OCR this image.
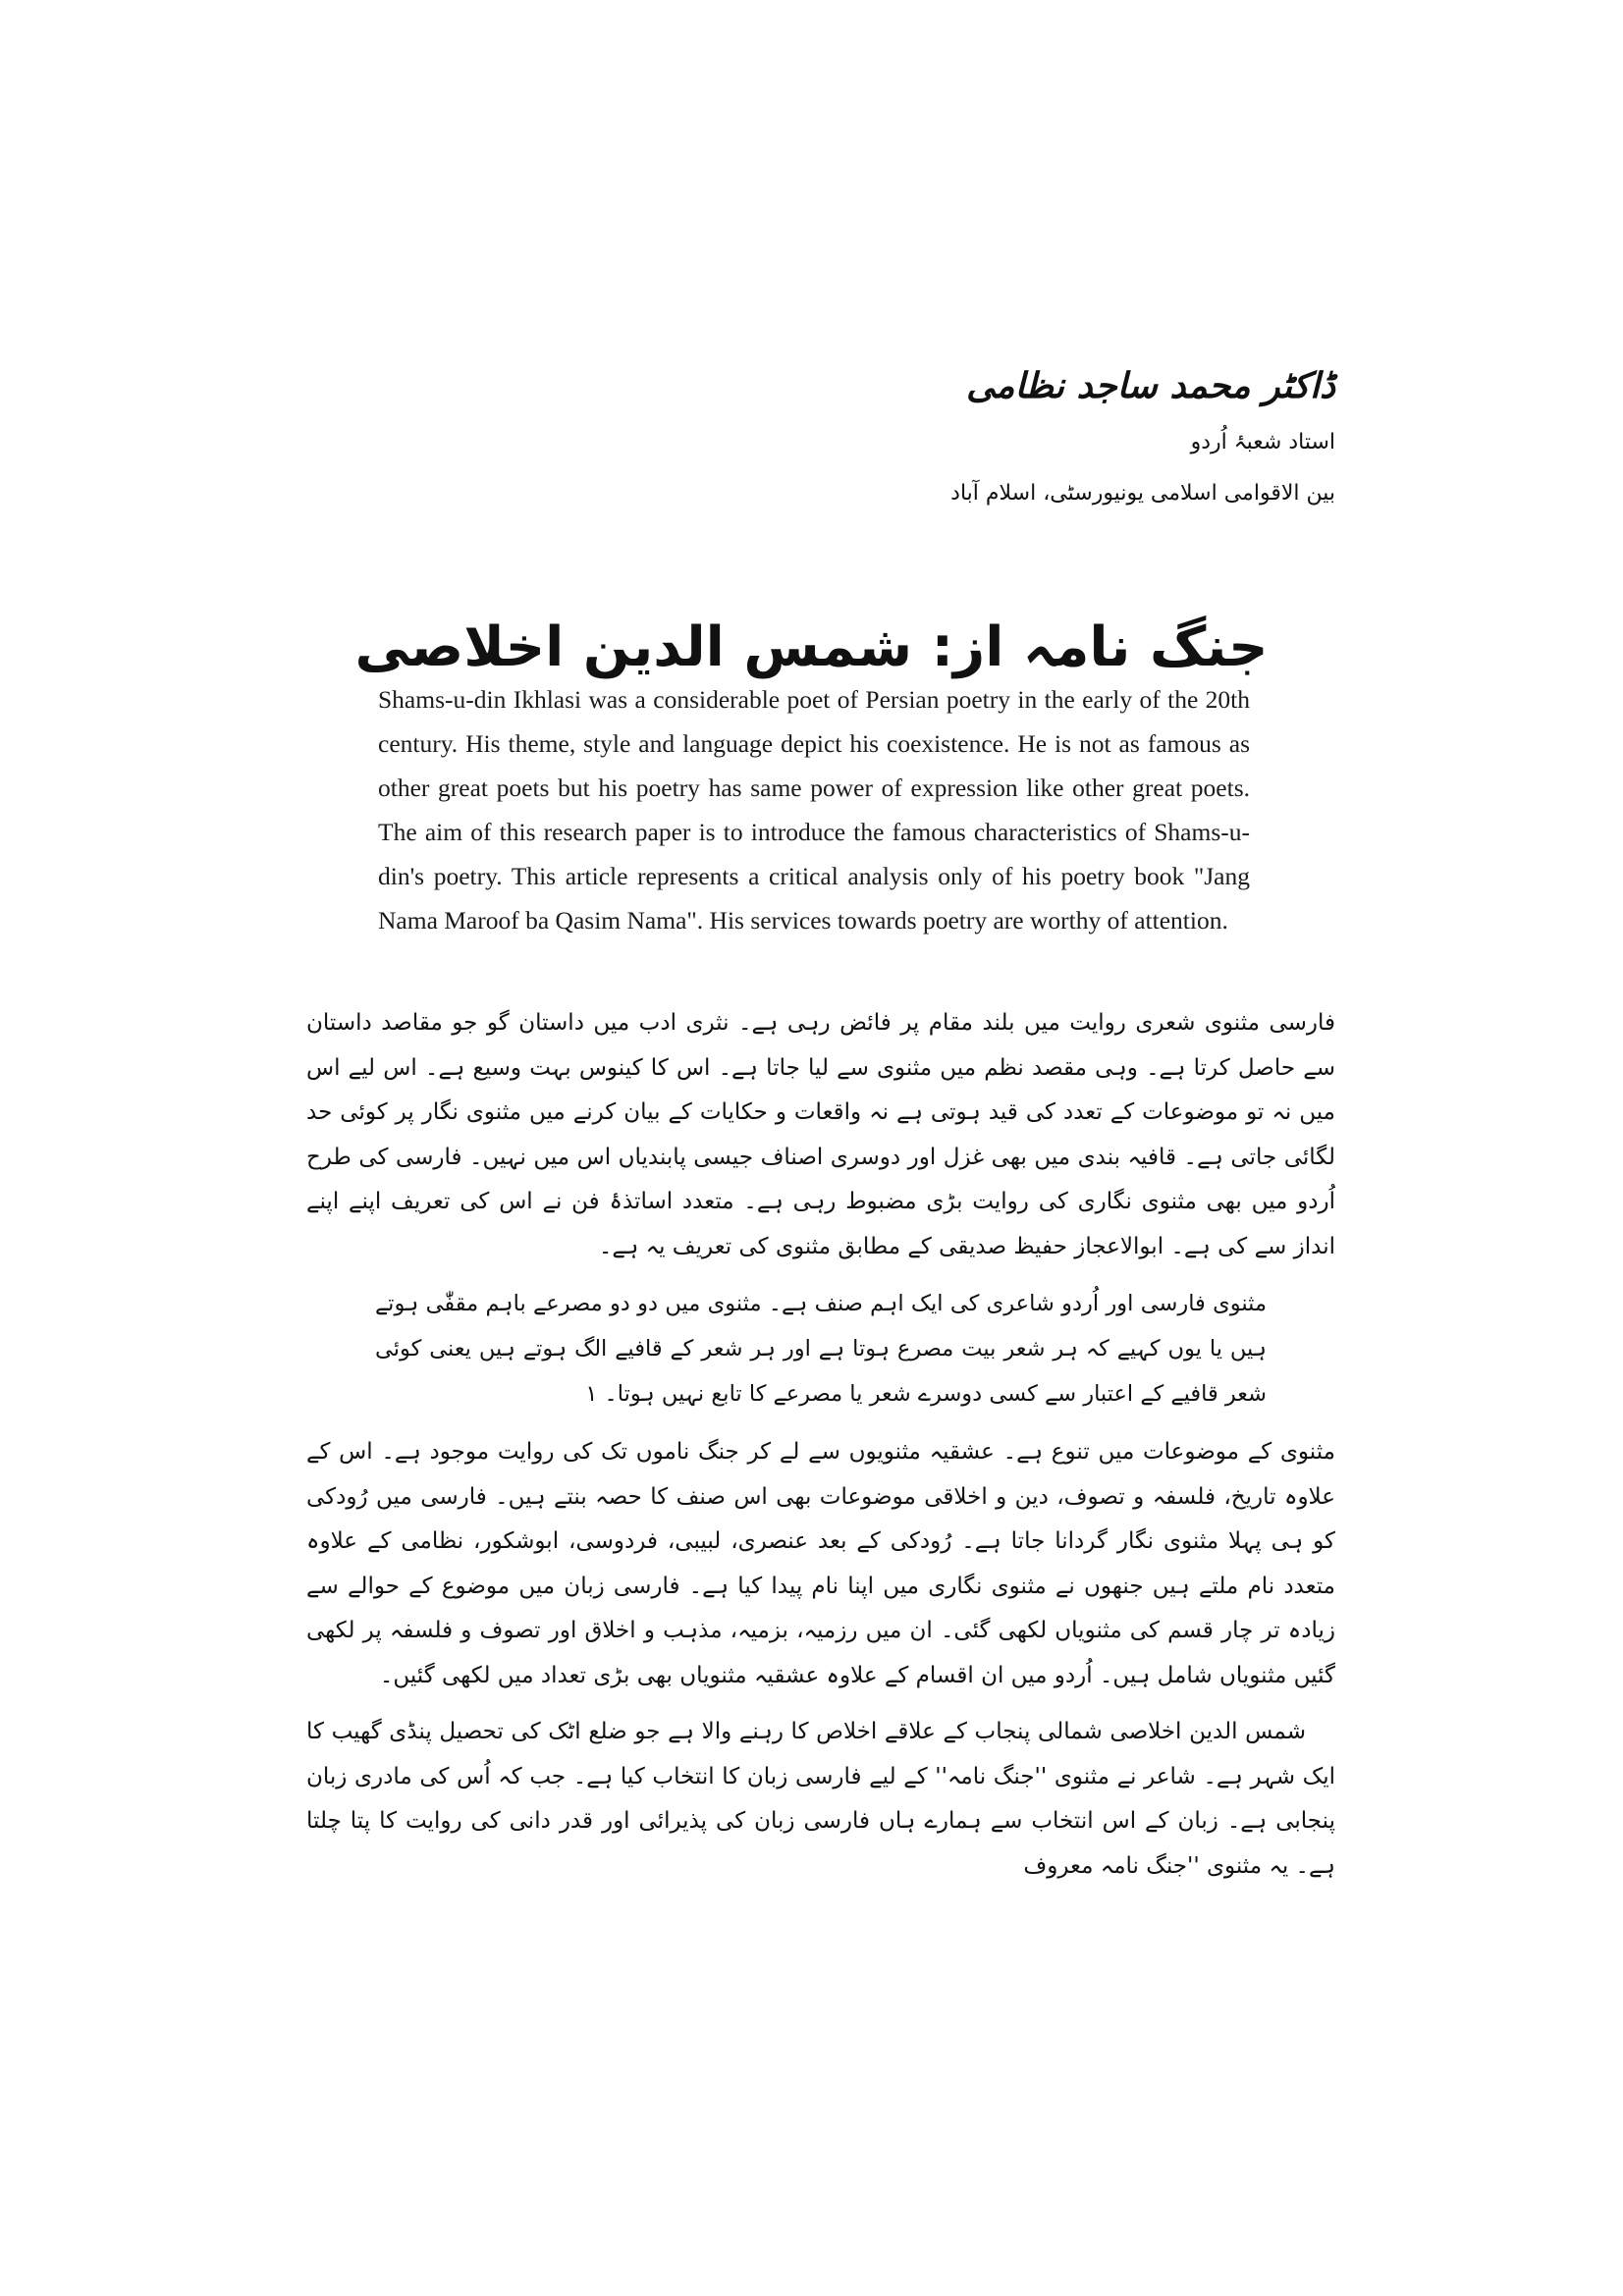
ڈاکٹر محمد ساجد نظامی

استاد شعبۂ اُردو

بین الاقوامی اسلامی یونیورسٹی، اسلام آباد

جنگ نامہ از: شمس الدین اخلاصی

Shams-u-din Ikhlasi was a considerable poet of Persian poetry in the early of the 20th century. His theme, style and language depict his coexistence. He is not as famous as other great poets but his poetry has same power of expression like other great poets. The aim of this research paper is to introduce the famous characteristics of Shams-u-din's poetry. This article represents a critical analysis only of his poetry book "Jang Nama Maroof ba Qasim Nama". His services towards poetry are worthy of attention.

فارسی مثنوی شعری روایت میں بلند مقام پر فائض رہی ہے۔ نثری ادب میں داستان گو جو مقاصد داستان سے حاصل کرتا ہے۔ وہی مقصد نظم میں مثنوی سے لیا جاتا ہے۔ اس کا کینوس بہت وسیع ہے۔ اس لیے اس میں نہ تو موضوعات کے تعدد کی قید ہوتی ہے نہ واقعات و حکایات کے بیان کرنے میں مثنوی نگار پر کوئی حد لگائی جاتی ہے۔ قافیہ بندی میں بھی غزل اور دوسری اصناف جیسی پابندیاں اس میں نہیں۔ فارسی کی طرح اُردو میں بھی مثنوی نگاری کی روایت بڑی مضبوط رہی ہے۔ متعدد اساتذۂ فن نے اس کی تعریف اپنے اپنے انداز سے کی ہے۔ ابوالاعجاز حفیظ صدیقی کے مطابق مثنوی کی تعریف یہ ہے۔

مثنوی فارسی اور اُردو شاعری کی ایک اہم صنف ہے۔ مثنوی میں دو دو مصرعے باہم مقفّٰی ہوتے ہیں یا یوں کہیے کہ ہر شعر بیت مصرع ہوتا ہے اور ہر شعر کے قافیے الگ ہوتے ہیں یعنی کوئی شعر قافیے کے اعتبار سے کسی دوسرے شعر یا مصرعے کا تابع نہیں ہوتا۔ ۱

مثنوی کے موضوعات میں تنوع ہے۔ عشقیہ مثنویوں سے لے کر جنگ ناموں تک کی روایت موجود ہے۔ اس کے علاوہ تاریخ، فلسفہ و تصوف، دین و اخلاقی موضوعات بھی اس صنف کا حصہ بنتے ہیں۔ فارسی میں رُودکی کو ہی پہلا مثنوی نگار گردانا جاتا ہے۔ رُودکی کے بعد عنصری، لبیبی، فردوسی، ابوشکور، نظامی کے علاوہ متعدد نام ملتے ہیں جنھوں نے مثنوی نگاری میں اپنا نام پیدا کیا ہے۔ فارسی زبان میں موضوع کے حوالے سے زیادہ تر چار قسم کی مثنویاں لکھی گئی۔ ان میں رزمیہ، بزمیہ، مذہب و اخلاق اور تصوف و فلسفہ پر لکھی گئیں مثنویاں شامل ہیں۔ اُردو میں ان اقسام کے علاوہ عشقیہ مثنویاں بھی بڑی تعداد میں لکھی گئیں۔

شمس الدین اخلاصی شمالی پنجاب کے علاقے اخلاص کا رہنے والا ہے جو ضلع اٹک کی تحصیل پنڈی گھیب کا ایک شہر ہے۔ شاعر نے مثنوی ''جنگ نامہ'' کے لیے فارسی زبان کا انتخاب کیا ہے۔ جب کہ اُس کی مادری زبان پنجابی ہے۔ زبان کے اس انتخاب سے ہمارے ہاں فارسی زبان کی پذیرائی اور قدر دانی کی روایت کا پتا چلتا ہے۔ یہ مثنوی ''جنگ نامہ معروف
